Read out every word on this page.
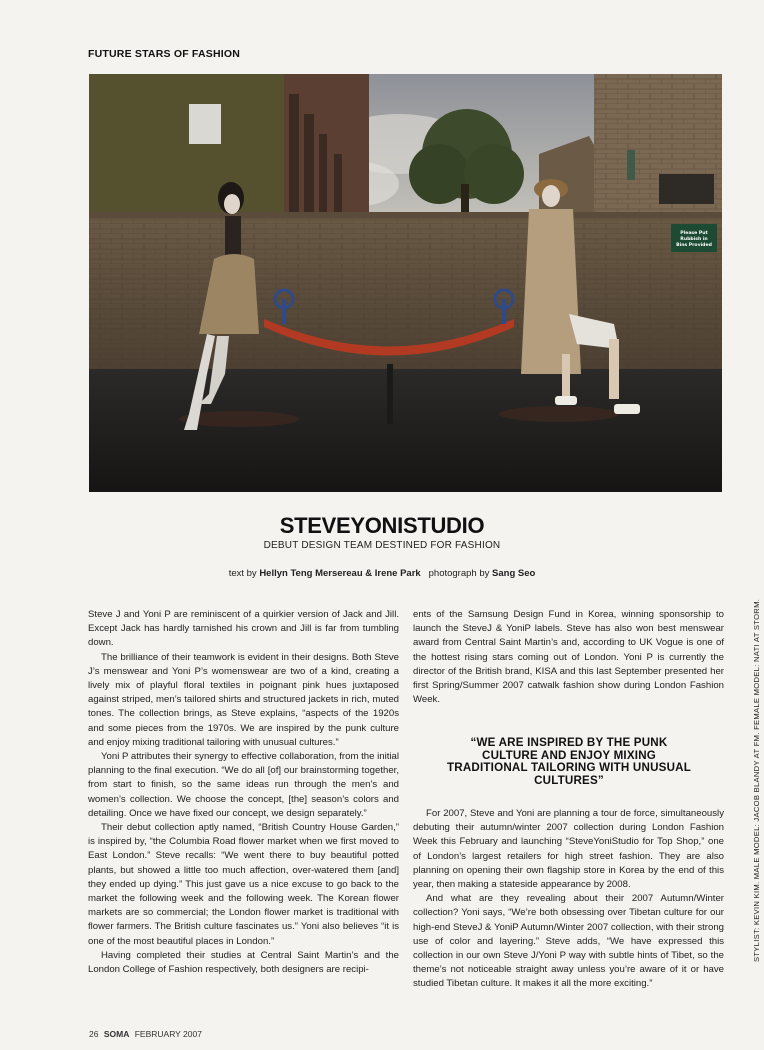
FUTURE STARS OF FASHION
Please Put
Rubbish in
Bins Provided
STEVEYONISTUDIO
DEBUT DESIGN TEAM DESTINED FOR FASHION
text by Hellyn Teng Mersereau & Irene Park photograph by Sang Seo

Steve J and Yoni P are reminiscent of a quirkier version of Jack and Jill. Except Jack has hardly tarnished his crown and Jill is far from tumbling down.

The brilliance of their teamwork is evident in their designs. Both Steve J’s menswear and Yoni P’s womenswear are two of a kind, creating a lively mix of playful floral textiles in poignant pink hues juxtaposed against striped, men’s tailored shirts and structured jackets in rich, muted tones. The collection brings, as Steve explains, “aspects of the 1920s and some pieces from the 1970s. We are inspired by the punk culture and enjoy mixing traditional tailoring with unusual cultures.”

Yoni P attributes their synergy to effective collaboration, from the initial planning to the final execution. “We do all [of] our brainstorming together, from start to finish, so the same ideas run through the men’s and women’s collection. We choose the concept, [the] season’s colors and detailing. Once we have fixed our concept, we design separately.”

Their debut collection aptly named, “British Country House Garden,” is inspired by, “the Columbia Road flower market when we first moved to East London.” Steve recalls: “We went there to buy beautiful potted plants, but showed a little too much affection, over-watered them [and] they ended up dying.” This just gave us a nice excuse to go back to the market the following week and the following week. The Korean flower markets are so commercial; the London flower market is traditional with flower farmers. The British culture fascinates us.” Yoni also believes “it is one of the most beautiful places in London.”

Having completed their studies at Central Saint Martin’s and the London College of Fashion respectively, both designers are recipi-

ents of the Samsung Design Fund in Korea, winning sponsorship to launch the SteveJ & YoniP labels. Steve has also won best menswear award from Central Saint Martin’s and, according to UK Vogue is one of the hottest rising stars coming out of London. Yoni P is currently the director of the British brand, KISA and this last September presented her first Spring/Summer 2007 catwalk fashion show during London Fashion Week.

“WE ARE INSPIRED BY THE PUNK CULTURE AND ENJOY MIXING TRADITIONAL TAILORING WITH UNUSUAL CULTURES”

For 2007, Steve and Yoni are planning a tour de force, simultaneously debuting their autumn/winter 2007 collection during London Fashion Week this February and launching “SteveYoniStudio for Top Shop,” one of London’s largest retailers for high street fashion. They are also planning on opening their own flagship store in Korea by the end of this year, then making a stateside appearance by 2008.

And what are they revealing about their 2007 Autumn/Winter collection? Yoni says, “We’re both obsessing over Tibetan culture for our high-end SteveJ & YoniP Autumn/Winter 2007 collection, with their strong use of color and layering.” Steve adds, “We have expressed this collection in our own Steve J/Yoni P way with subtle hints of Tibet, so the theme’s not noticeable straight away unless you’re aware of it or have studied Tibetan culture. It makes it all the more exciting.”

26 SOMA FEBRUARY 2007
STYLIST: KEVIN KIM. MALE MODEL: JACOB BLANDY AT FM. FEMALE MODEL: NATI AT STORM.
